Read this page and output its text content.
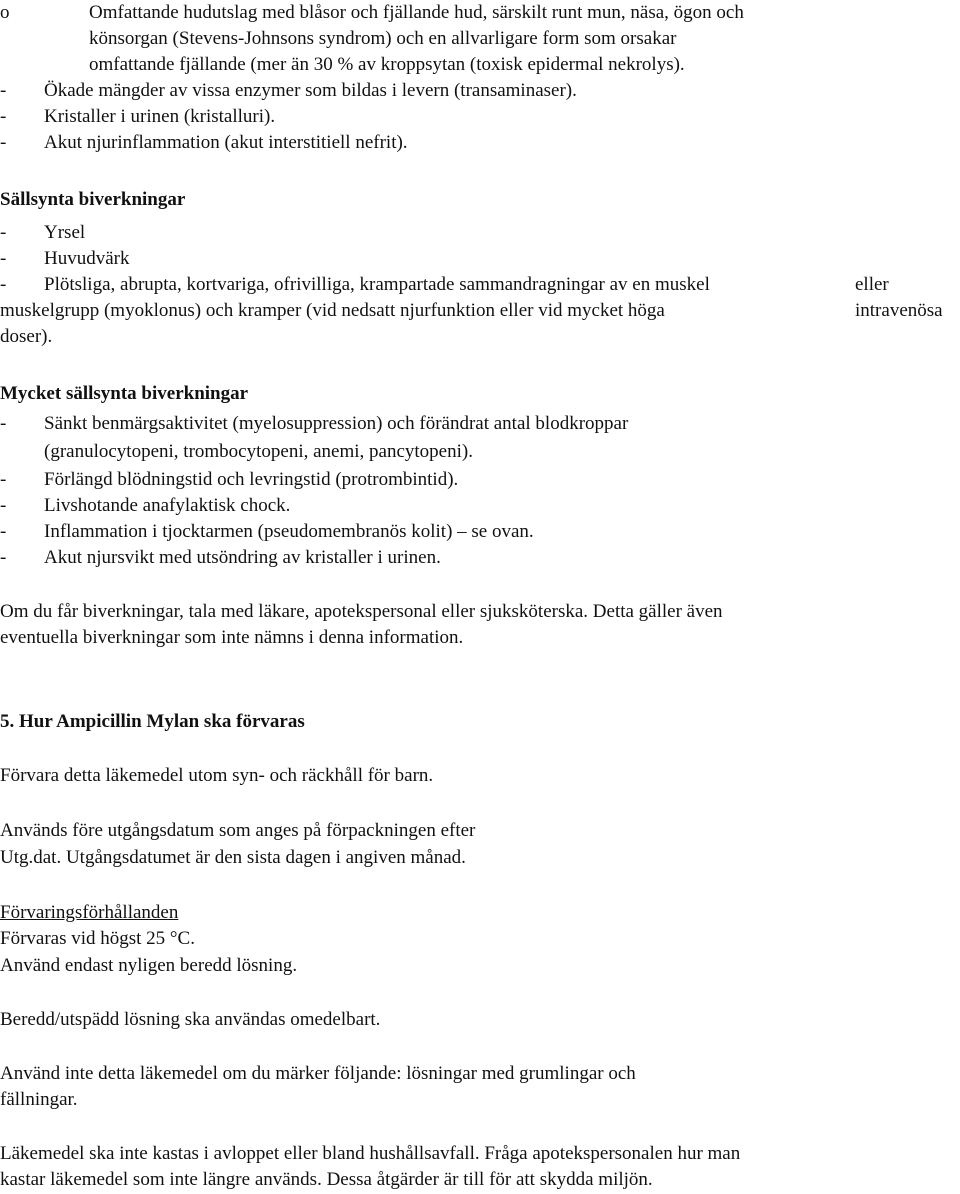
o	Omfattande hudutslag med blåsor och fjällande hud, särskilt runt mun, näsa, ögon och
könsorgan (Stevens-Johnsons syndrom) och en allvarligare form som orsakar
omfattande fjällande (mer än 30 % av kroppsytan (toxisk epidermal nekrolys).
- Ökade mängder av vissa enzymer som bildas i levern (transaminaser).
- Kristaller i urinen (kristalluri).
- Akut njurinflammation (akut interstitiell nefrit).
Sällsynta biverkningar
- Yrsel
- Huvudvärk
- Plötsliga, abrupta, kortvariga, ofrivilliga, krampartade sammandragningar av en muskel	eller
muskelgrupp (myoklonus) och kramper (vid nedsatt njurfunktion eller vid mycket höga	intravenösa
doser).
Mycket sällsynta biverkningar
- Sänkt benmärgsaktivitet (myelosuppression) och förändrat antal blodkroppar
(granulocytopeni, trombocytopeni, anemi, pancytopeni).
- Förlängd blödningstid och levringstid (protrombintid).
- Livshotande anafylaktisk chock.
- Inflammation i tjocktarmen (pseudomembranös kolit) – se ovan.
- Akut njursvikt med utsöndring av kristaller i urinen.
Om du får biverkningar, tala med läkare, apotekspersonal eller sjuksköterska. Detta gäller även
eventuella biverkningar som inte nämns i denna information.
5. Hur Ampicillin Mylan ska förvaras
Förvara detta läkemedel utom syn- och räckhåll för barn.
Används före utgångsdatum som anges på förpackningen efter
Utg.dat. Utgångsdatumet är den sista dagen i angiven månad.
Förvaringsförhållanden
Förvaras vid högst 25 °C.
Använd endast nyligen beredd lösning.
Beredd/utspädd lösning ska användas omedelbart.
Använd inte detta läkemedel om du märker följande: lösningar med grumlingar och
fällningar.
Läkemedel ska inte kastas i avloppet eller bland hushållsavfall. Fråga apotekspersonalen hur man
kastar läkemedel som inte längre används. Dessa åtgärder är till för att skydda miljön.
